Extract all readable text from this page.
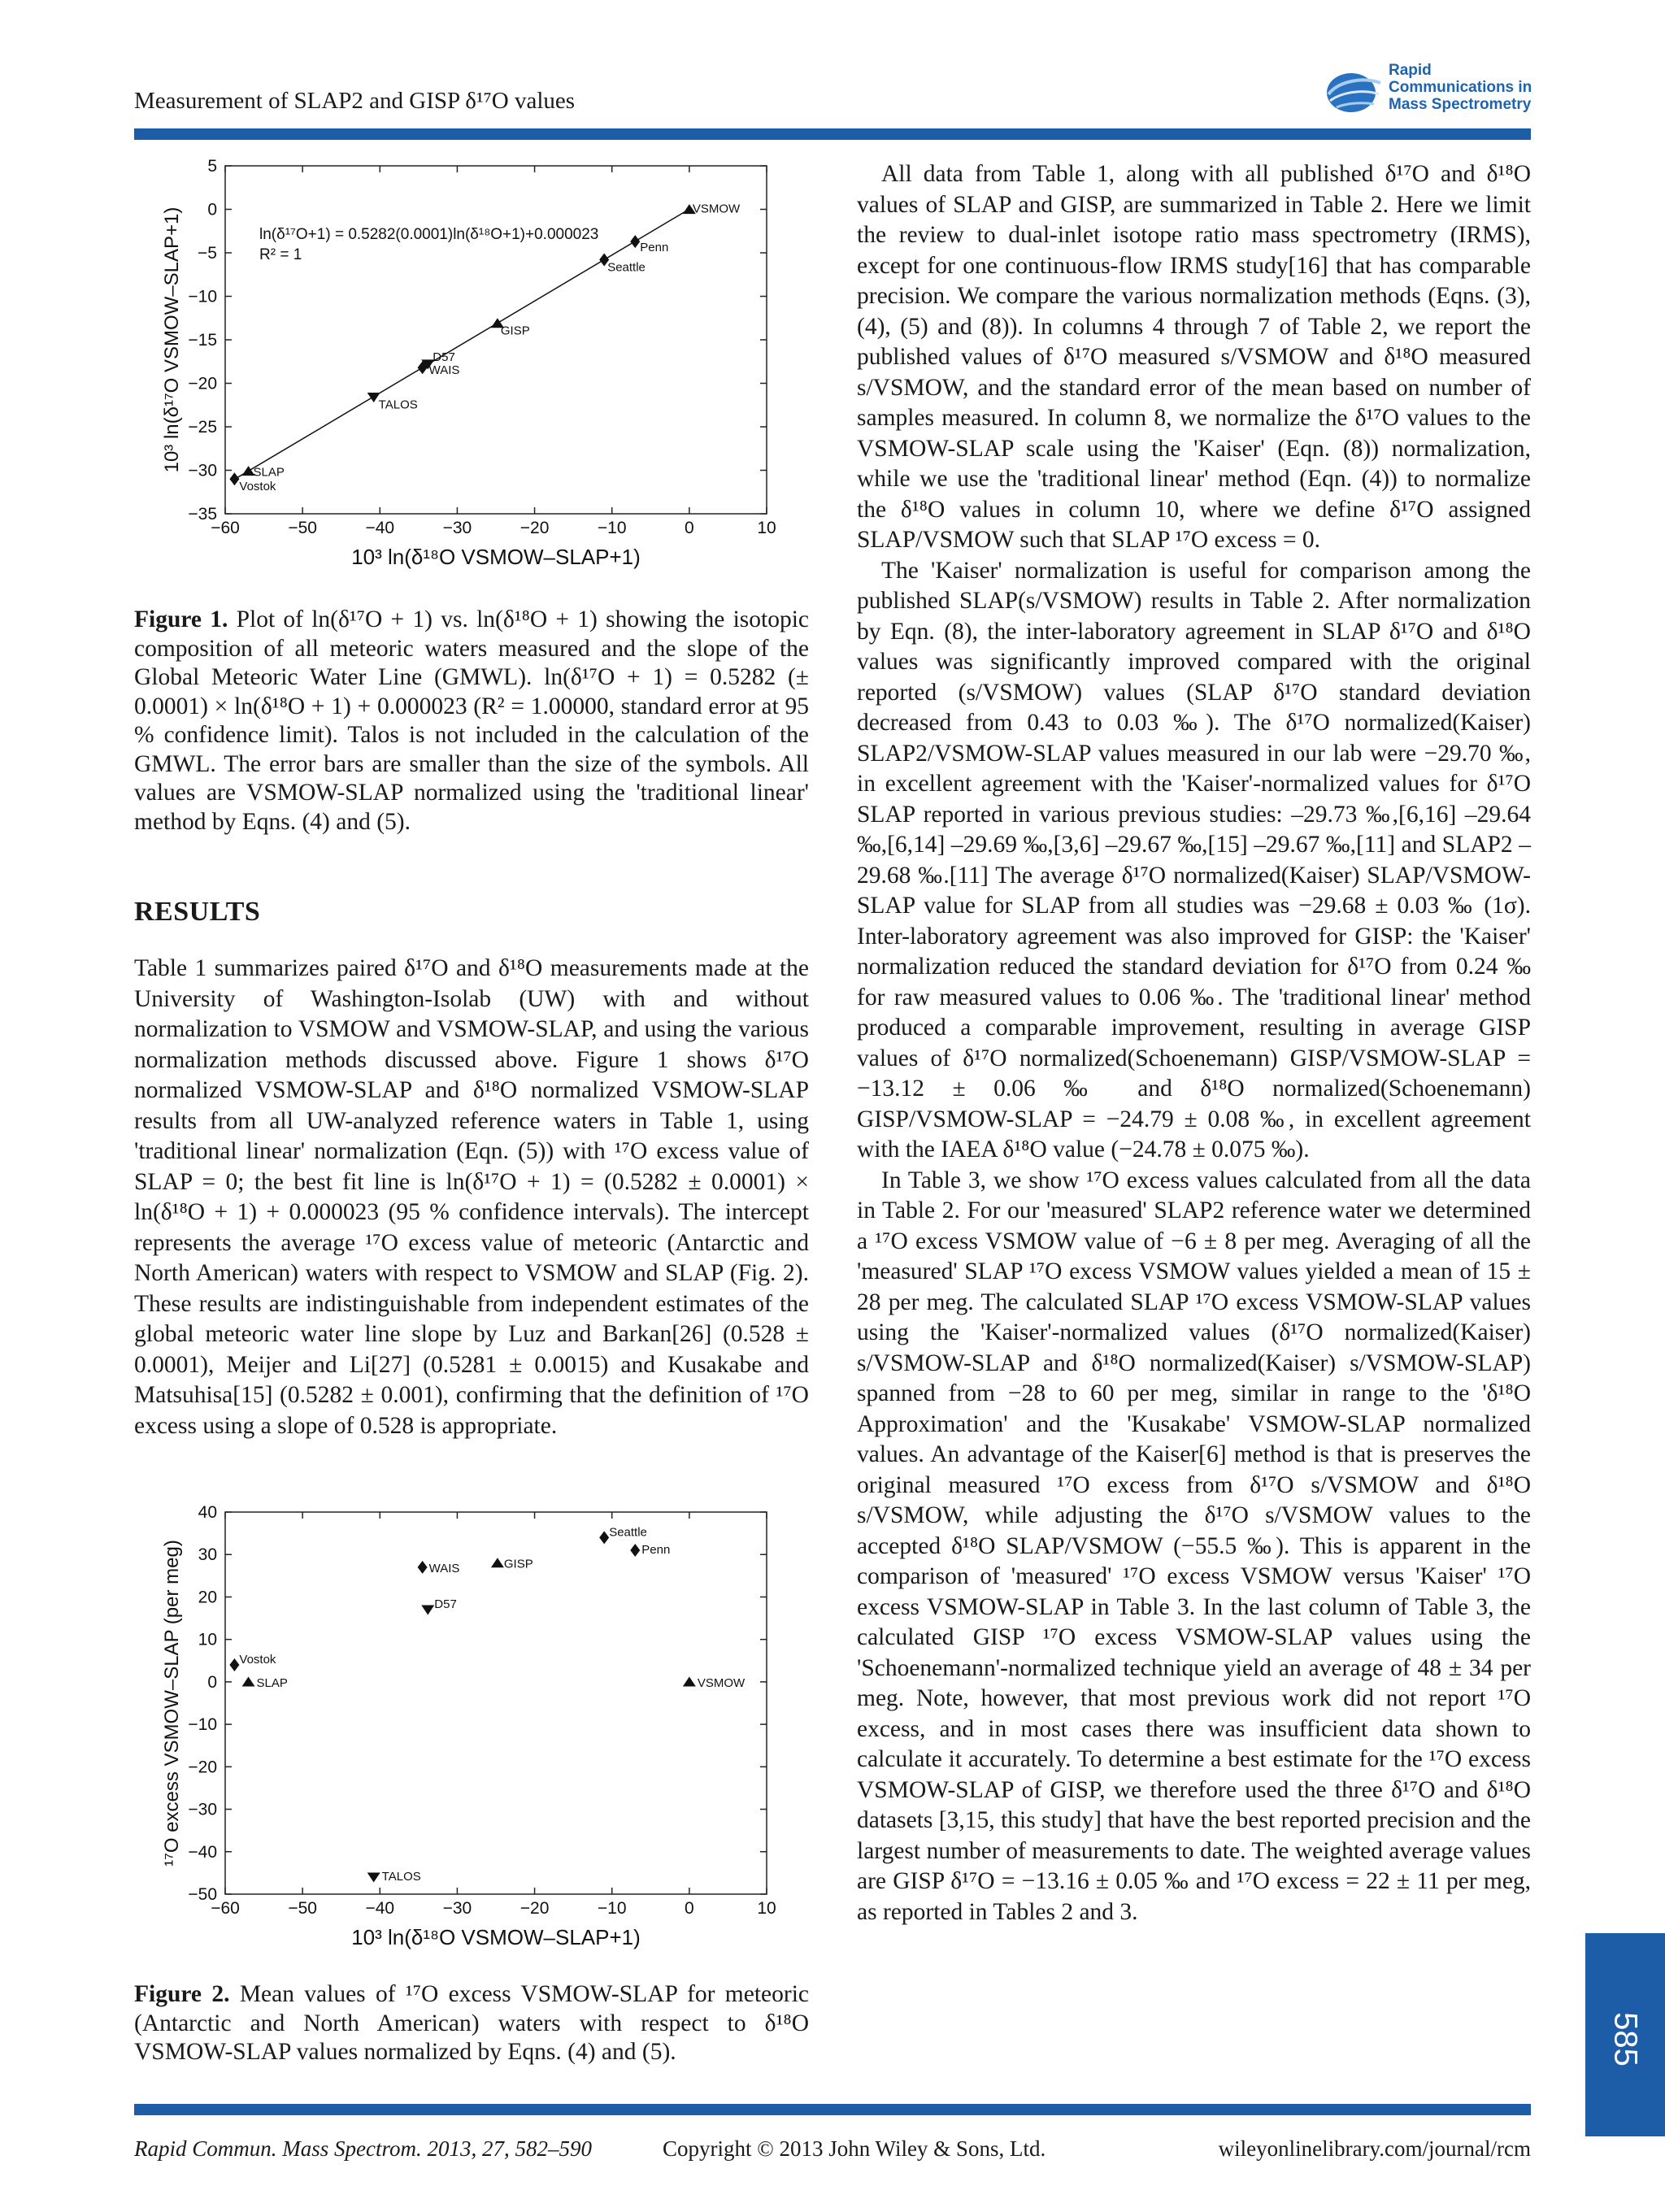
Measurement of SLAP2 and GISP δ¹⁷O values
Rapid
Communications in
Mass Spectrometry
−60	−50	−40	−30	−20	−10	0	10
5
0
−5
−10
−15
−20
−25
−30
−35
10³ ln(δ¹⁸O VSMOW–SLAP+1)
10³ ln(δ¹⁷O VSMOW–SLAP+1)	ln(δ¹⁷O+1) = 0.5282(0.0001)ln(δ¹⁸O+1)+0.000023
R² = 1
VSMOW
Penn
Seattle
GISP
D57
WAIS
TALOS
SLAP
Vostok
Figure 1. Plot of ln(δ¹⁷O + 1) vs. ln(δ¹⁸O + 1) showing the isotopic composition of all meteoric waters measured and the slope of the Global Meteoric Water Line (GMWL). ln(δ¹⁷O + 1) = 0.5282 (± 0.0001) × ln(δ¹⁸O + 1) + 0.000023 (R² = 1.00000, standard error at 95 % confidence limit). Talos is not included in the calculation of the GMWL. The error bars are smaller than the size of the symbols. All values are VSMOW-SLAP normalized using the 'traditional linear' method by Eqns. (4) and (5).
RESULTS

Table 1 summarizes paired δ¹⁷O and δ¹⁸O measurements made at the University of Washington-Isolab (UW) with and without normalization to VSMOW and VSMOW-SLAP, and using the various normalization methods discussed above. Figure 1 shows δ¹⁷O normalized VSMOW-SLAP and δ¹⁸O normalized VSMOW-SLAP results from all UW-analyzed reference waters in Table 1, using 'traditional linear' normalization (Eqn. (5)) with ¹⁷O excess value of SLAP = 0; the best fit line is ln(δ¹⁷O + 1) = (0.5282 ± 0.0001) × ln(δ¹⁸O + 1) + 0.000023 (95 % confidence intervals). The intercept represents the average ¹⁷O excess value of meteoric (Antarctic and North American) waters with respect to VSMOW and SLAP (Fig. 2). These results are indistinguishable from independent estimates of the global meteoric water line slope by Luz and Barkan[26] (0.528 ± 0.0001), Meijer and Li[27] (0.5281 ± 0.0015) and Kusakabe and Matsuhisa[15] (0.5282 ± 0.001), confirming that the definition of ¹⁷O excess using a slope of 0.528 is appropriate.

−60	−50	−40	−30	−20	−10	0	10
40
30
20
10
0
−10
−20
−30
−40
−50
10³ ln(δ¹⁸O VSMOW–SLAP+1)
¹⁷O excess VSMOW–SLAP (per meg)
Seattle
Penn
WAIS	GISP
D57
Vostok
SLAP	VSMOW
TALOS
Figure 2. Mean values of ¹⁷O excess VSMOW-SLAP for meteoric (Antarctic and North American) waters with respect to δ¹⁸O VSMOW-SLAP values normalized by Eqns. (4) and (5).

All data from Table 1, along with all published δ¹⁷O and δ¹⁸O values of SLAP and GISP, are summarized in Table 2. Here we limit the review to dual-inlet isotope ratio mass spectrometry (IRMS), except for one continuous-flow IRMS study[16] that has comparable precision. We compare the various normalization methods (Eqns. (3), (4), (5) and (8)). In columns 4 through 7 of Table 2, we report the published values of δ¹⁷O measured s/VSMOW and δ¹⁸O measured s/VSMOW, and the standard error of the mean based on number of samples measured. In column 8, we normalize the δ¹⁷O values to the VSMOW-SLAP scale using the 'Kaiser' (Eqn. (8)) normalization, while we use the 'traditional linear' method (Eqn. (4)) to normalize the δ¹⁸O values in column 10, where we define δ¹⁷O assigned SLAP/VSMOW such that SLAP ¹⁷O excess = 0.

The 'Kaiser' normalization is useful for comparison among the published SLAP(s/VSMOW) results in Table 2. After normalization by Eqn. (8), the inter-laboratory agreement in SLAP δ¹⁷O and δ¹⁸O values was significantly improved compared with the original reported (s/VSMOW) values (SLAP δ¹⁷O standard deviation decreased from 0.43 to 0.03 ‰). The δ¹⁷O normalized(Kaiser) SLAP2/VSMOW-SLAP values measured in our lab were −29.70 ‰, in excellent agreement with the 'Kaiser'-normalized values for δ¹⁷O SLAP reported in various previous studies: –29.73 ‰,[6,16] –29.64 ‰,[6,14] –29.69 ‰,[3,6] –29.67 ‰,[15] –29.67 ‰,[11] and SLAP2 –29.68 ‰.[11] The average δ¹⁷O normalized(Kaiser) SLAP/VSMOW-SLAP value for SLAP from all studies was −29.68 ± 0.03 ‰ (1σ). Inter-laboratory agreement was also improved for GISP: the 'Kaiser' normalization reduced the standard deviation for δ¹⁷O from 0.24 ‰ for raw measured values to 0.06 ‰. The 'traditional linear' method produced a comparable improvement, resulting in average GISP values of δ¹⁷O normalized(Schoenemann) GISP/VSMOW-SLAP = −13.12 ± 0.06 ‰ and δ¹⁸O normalized(Schoenemann) GISP/VSMOW-SLAP = −24.79 ± 0.08 ‰, in excellent agreement with the IAEA δ¹⁸O value (−24.78 ± 0.075 ‰).

In Table 3, we show ¹⁷O excess values calculated from all the data in Table 2. For our 'measured' SLAP2 reference water we determined a ¹⁷O excess VSMOW value of −6 ± 8 per meg. Averaging of all the 'measured' SLAP ¹⁷O excess VSMOW values yielded a mean of 15 ± 28 per meg. The calculated SLAP ¹⁷O excess VSMOW-SLAP values using the 'Kaiser'-normalized values (δ¹⁷O normalized(Kaiser) s/VSMOW-SLAP and δ¹⁸O normalized(Kaiser) s/VSMOW-SLAP) spanned from −28 to 60 per meg, similar in range to the 'δ¹⁸O Approximation' and the 'Kusakabe' VSMOW-SLAP normalized values. An advantage of the Kaiser[6] method is that is preserves the original measured ¹⁷O excess from δ¹⁷O s/VSMOW and δ¹⁸O s/VSMOW, while adjusting the δ¹⁷O s/VSMOW values to the accepted δ¹⁸O SLAP/VSMOW (−55.5 ‰). This is apparent in the comparison of 'measured' ¹⁷O excess VSMOW versus 'Kaiser' ¹⁷O excess VSMOW-SLAP in Table 3. In the last column of Table 3, the calculated GISP ¹⁷O excess VSMOW-SLAP values using the 'Schoenemann'-normalized technique yield an average of 48 ± 34 per meg. Note, however, that most previous work did not report ¹⁷O excess, and in most cases there was insufficient data shown to calculate it accurately. To determine a best estimate for the ¹⁷O excess VSMOW-SLAP of GISP, we therefore used the three δ¹⁷O and δ¹⁸O datasets [3,15, this study] that have the best reported precision and the largest number of measurements to date. The weighted average values are GISP δ¹⁷O = −13.16 ± 0.05 ‰ and ¹⁷O excess = 22 ± 11 per meg, as reported in Tables 2 and 3.

585
Rapid Commun. Mass Spectrom. 2013, 27, 582–590	Copyright © 2013 John Wiley & Sons, Ltd.	wileyonlinelibrary.com/journal/rcm
